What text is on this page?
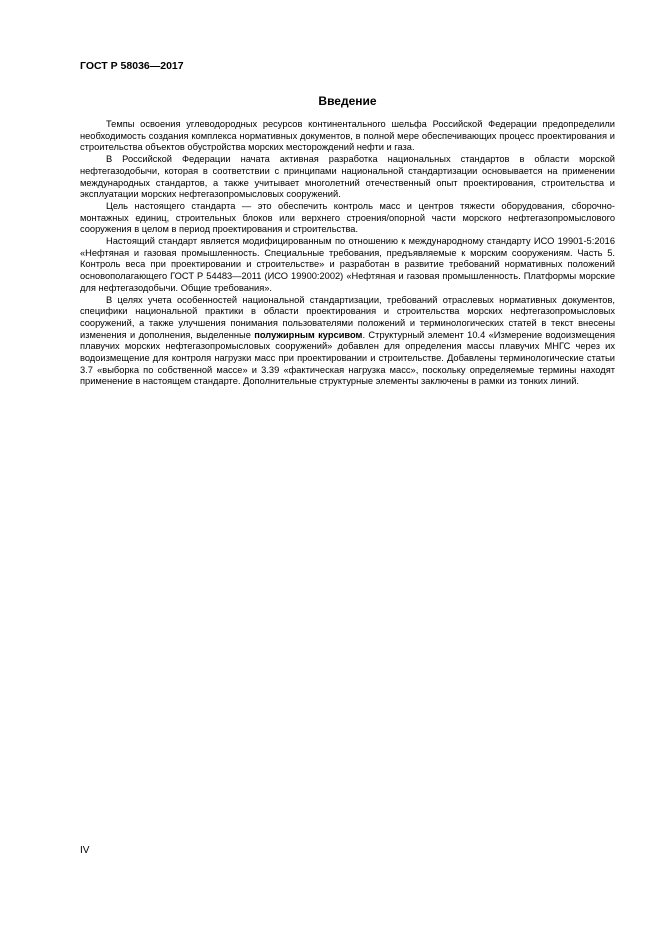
ГОСТ Р 58036—2017
Введение

Темпы освоения углеводородных ресурсов континентального шельфа Российской Федерации предопределили необходимость создания комплекса нормативных документов, в полной мере обеспечивающих процесс проектирования и строительства объектов обустройства морских месторождений нефти и газа.

В Российской Федерации начата активная разработка национальных стандартов в области морской нефтегазодобычи, которая в соответствии с принципами национальной стандартизации основывается на применении международных стандартов, а также учитывает многолетний отечественный опыт проектирования, строительства и эксплуатации морских нефтегазопромысловых сооружений.

Цель настоящего стандарта — это обеспечить контроль масс и центров тяжести оборудования, сборочно-монтажных единиц, строительных блоков или верхнего строения/опорной части морского нефтегазопромыслового сооружения в целом в период проектирования и строительства.

Настоящий стандарт является модифицированным по отношению к международному стандарту ИСО 19901-5:2016 «Нефтяная и газовая промышленность. Специальные требования, предъявляемые к морским сооружениям. Часть 5. Контроль веса при проектировании и строительстве» и разработан в развитие требований нормативных положений основополагающего ГОСТ Р 54483—2011 (ИСО 19900:2002) «Нефтяная и газовая промышленность. Платформы морские для нефтегазодобычи. Общие требования».

В целях учета особенностей национальной стандартизации, требований отраслевых нормативных документов, специфики национальной практики в области проектирования и строительства морских нефтегазопромысловых сооружений, а также улучшения понимания пользователями положений и терминологических статей в текст внесены изменения и дополнения, выделенные полужирным курсивом. Структурный элемент 10.4 «Измерение водоизмещения плавучих морских нефтегазопромысловых сооружений» добавлен для определения массы плавучих МНГС через их водоизмещение для контроля нагрузки масс при проектировании и строительстве. Добавлены терминологические статьи 3.7 «выборка по собственной массе» и 3.39 «фактическая нагрузка масс», поскольку определяемые термины находят применение в настоящем стандарте. Дополнительные структурные элементы заключены в рамки из тонких линий.

IV
